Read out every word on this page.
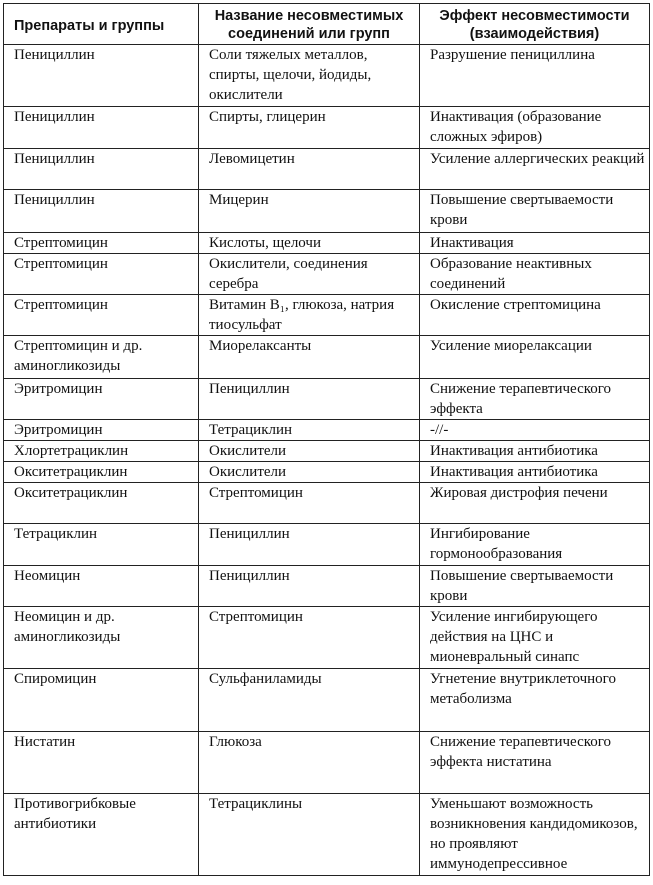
Препараты и группы	Название несовместимых соединений или групп	Эффект несовместимости (взаимодействия)
Пенициллин	Соли тяжелых металлов, спирты, щелочи, йодиды, окислители	Разрушение пенициллина
Пенициллин	Спирты, глицерин	Инактивация (образование сложных эфиров)
Пенициллин	Левомицетин	Усиление аллергических реакций
Пенициллин	Мицерин	Повышение свертываемости крови
Стрептомицин	Кислоты, щелочи	Инактивация
Стрептомицин	Окислители, соединения серебра	Образование неактивных соединений
Стрептомицин	Витамин B₁, глюкоза, натрия тиосульфат	Окисление стрептомицина
Стрептомицин и др. аминогликозиды	Миорелаксанты	Усиление миорелаксации
Эритромицин	Пенициллин	Снижение терапевтического эффекта
Эритромицин	Тетрациклин	-//-
Хлортетрациклин	Окислители	Инактивация антибиотика
Окситетрациклин	Окислители	Инактивация антибиотика
Окситетрациклин	Стрептомицин	Жировая дистрофия печени
Тетрациклин	Пенициллин	Ингибирование гормонообразования
Неомицин	Пенициллин	Повышение свертываемости крови
Неомицин и др. аминогликозиды	Стрептомицин	Усиление ингибирующего действия на ЦНС и мионевральный синапс
Спиромицин	Сульфаниламиды	Угнетение внутриклеточного метаболизма
Нистатин	Глюкоза	Снижение терапевтического эффекта нистатина
Противогрибковые антибиотики	Тетрациклины	Уменьшают возможность возникновения кандидомикозов, но проявляют иммунодепрессивное
